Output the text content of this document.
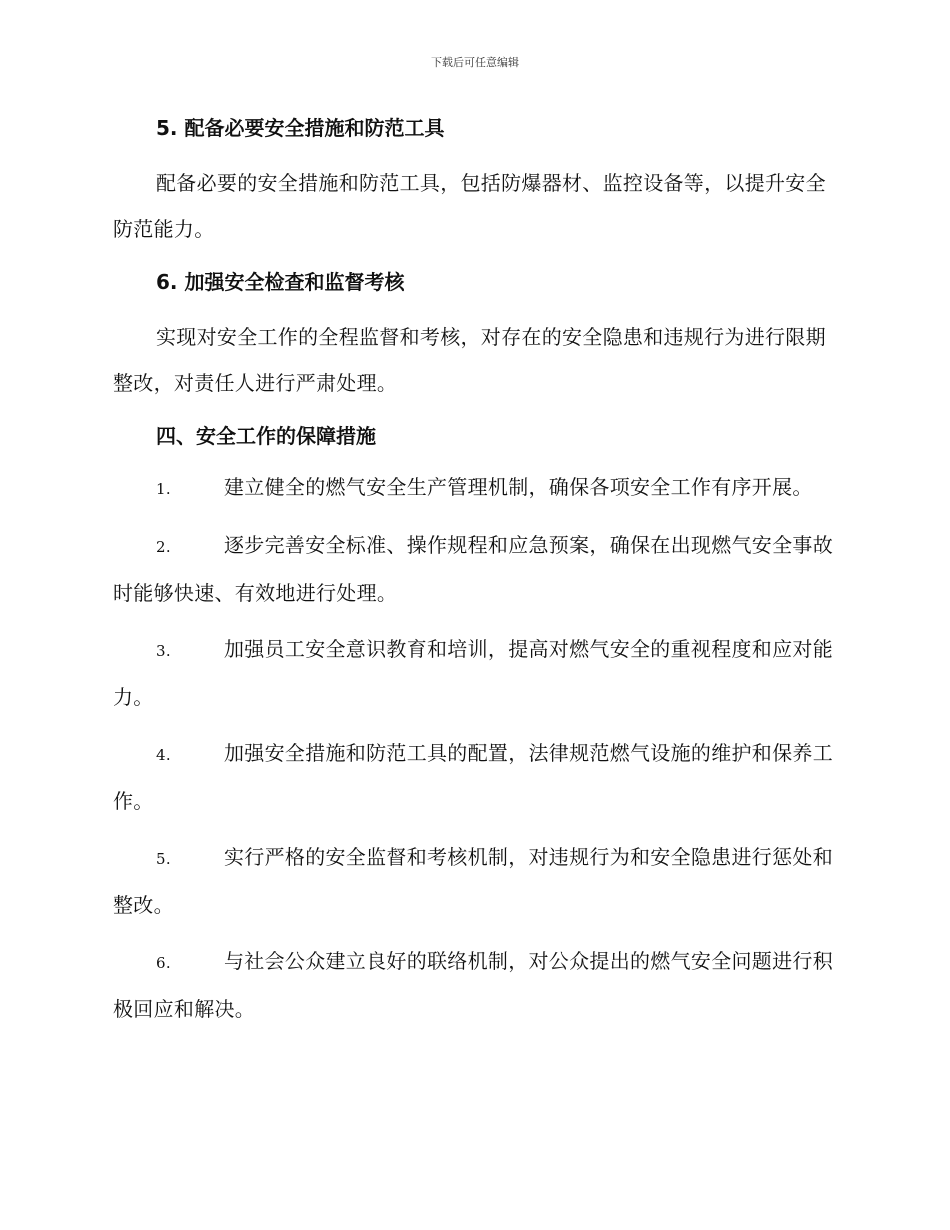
下载后可任意编辑
5. 配备必要安全措施和防范工具

配备必要的安全措施和防范工具，包括防爆器材、监控设备等，以提升安全防范能力。

6. 加强安全检查和监督考核

实现对安全工作的全程监督和考核，对存在的安全隐患和违规行为进行限期整改，对责任人进行严肃处理。

四、安全工作的保障措施

1.	建立健全的燃气安全生产管理机制，确保各项安全工作有序开展。

2.	逐步完善安全标准、操作规程和应急预案，确保在出现燃气安全事故时能够快速、有效地进行处理。

3.	加强员工安全意识教育和培训，提高对燃气安全的重视程度和应对能力。

4.	加强安全措施和防范工具的配置，法律规范燃气设施的维护和保养工作。

5.	实行严格的安全监督和考核机制，对违规行为和安全隐患进行惩处和整改。

6.	与社会公众建立良好的联络机制，对公众提出的燃气安全问题进行积极回应和解决。
